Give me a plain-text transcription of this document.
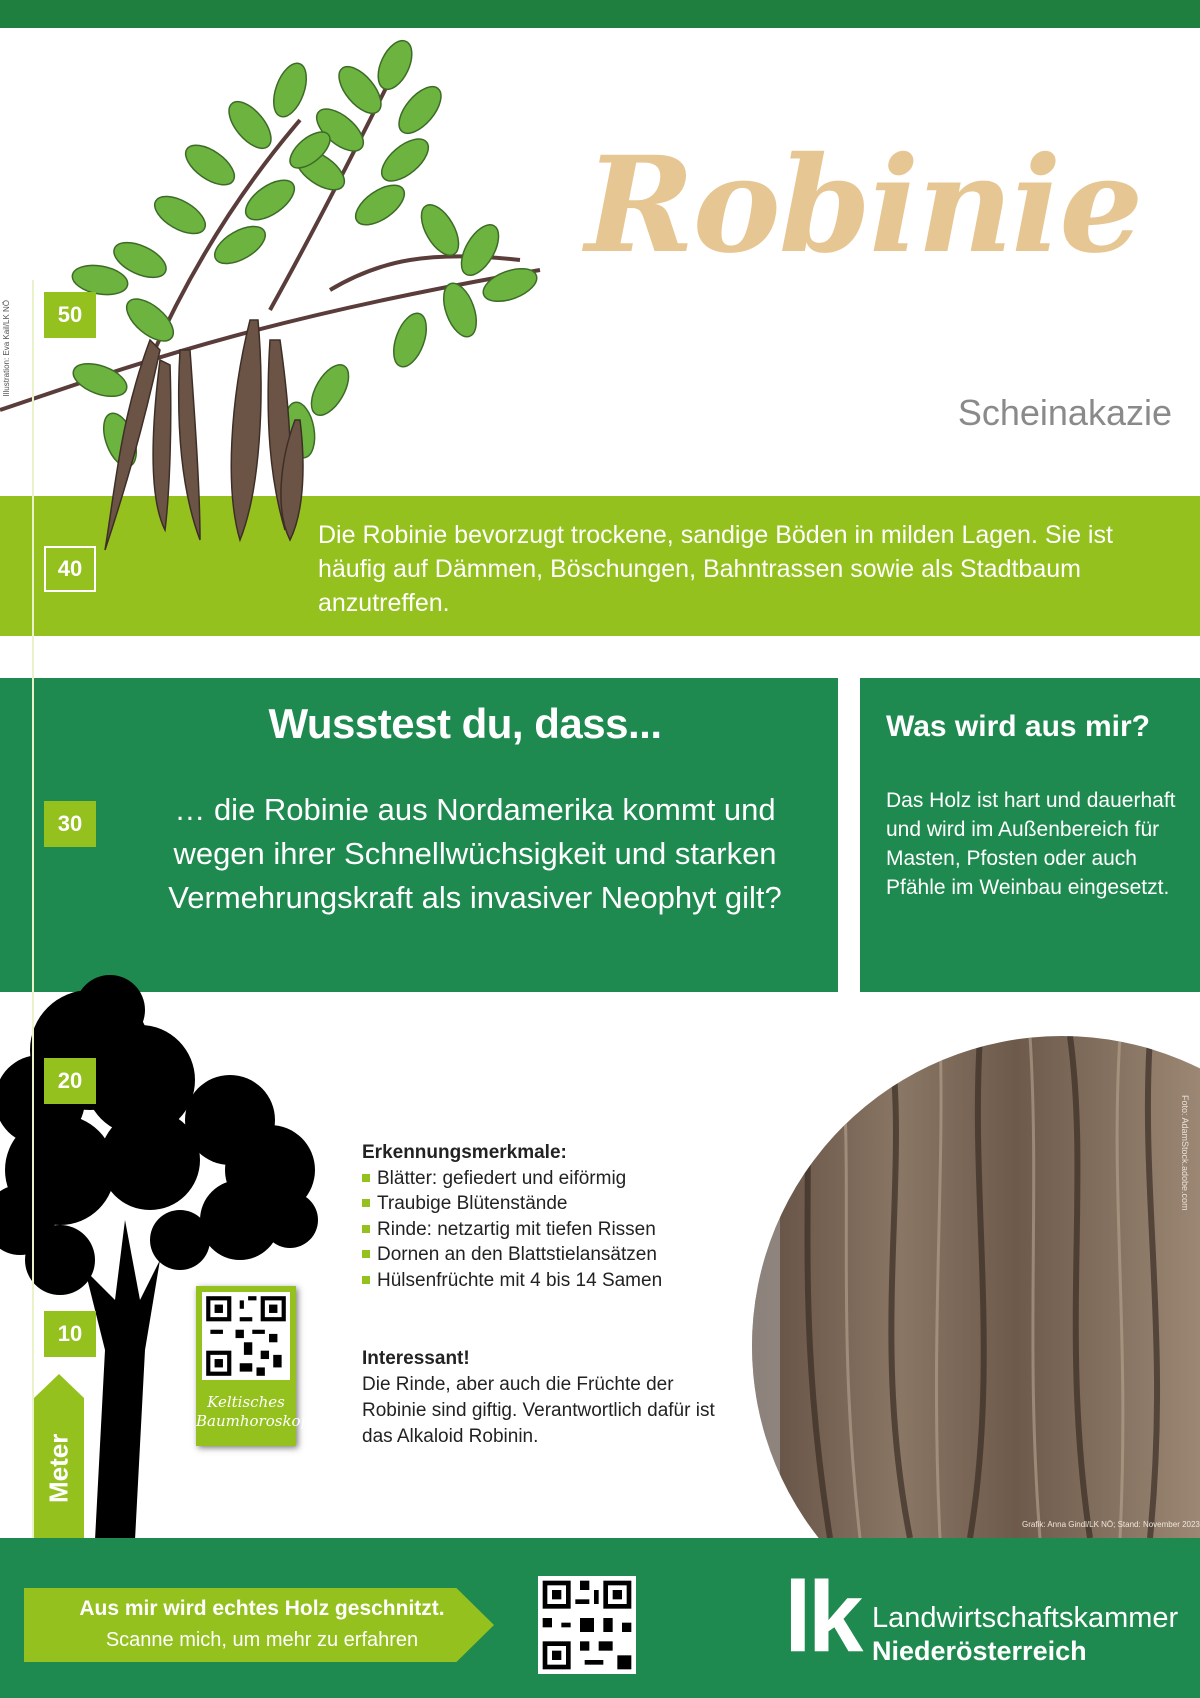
Illustration: Eva Kail/LK NÖ
Robinie
Scheinakazie
Die Robinie bevorzugt trockene, sandige Böden in milden Lagen. Sie ist häufig auf Dämmen, Böschungen, Bahntrassen sowie als Stadtbaum anzutreffen.
Wusstest du, dass...
… die Robinie aus Nordamerika kommt und wegen ihrer Schnellwüchsigkeit und starken Vermehrungskraft als invasiver Neophyt gilt?
Was wird aus mir?
Das Holz ist hart und dauerhaft und wird im Außenbereich für Masten, Pfosten oder auch Pfähle im Weinbau eingesetzt.
50
40
30
20
10
Meter
Keltisches
Baumhoroskop
Erkennungsmerkmale:
Blätter: gefiedert und eiförmig
Traubige Blütenstände
Rinde: netzartig mit tiefen Rissen
Dornen an den Blattstielansätzen
Hülsenfrüchte mit 4 bis 14 Samen
Interessant!
Die Rinde, aber auch die Früchte der Robinie sind giftig. Verantwortlich dafür ist das Alkaloid Robinin.
Foto: AdamStock.adobe.com
Grafik: Anna Gindl/LK NÖ; Stand: November 2023
Aus mir wird echtes Holz geschnitzt.
Scanne mich, um mehr zu erfahren	lk Landwirtschaftskammer
Niederösterreich
